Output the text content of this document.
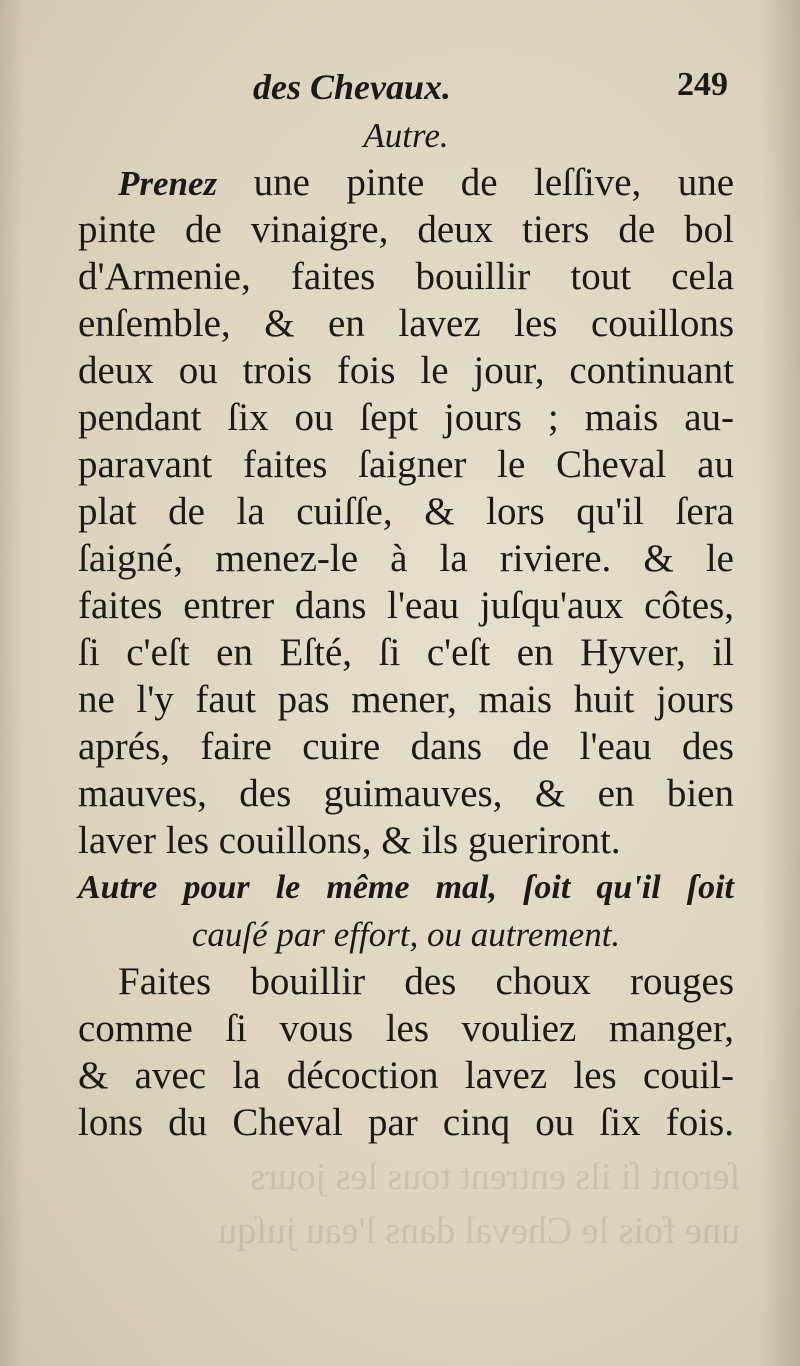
ſeront ſi ils entrent tous les jours
une fois le Cheval dans l'eau juſqu
des Chevaux.	249
Autre.
Prenez une pinte de leſſive, une
pinte de vinaigre, deux tiers de bol
d'Armenie, faites bouillir tout cela
enſemble, & en lavez les couillons
deux ou trois fois le jour, continuant
pendant ſix ou ſept jours ; mais au-
paravant faites ſaigner le Cheval au
plat de la cuiſſe, & lors qu'il ſera
ſaigné, menez-le à la riviere. & le
faites entrer dans l'eau juſqu'aux côtes,
ſi c'eſt en Eſté, ſi c'eſt en Hyver, il
ne l'y faut pas mener, mais huit jours
aprés, faire cuire dans de l'eau des
mauves, des guimauves, & en bien
laver les couillons, & ils gueriront.
Autre pour le même mal, ſoit qu'il ſoit
cauſé par effort, ou autrement.
Faites bouillir des choux rouges
comme ſi vous les vouliez manger,
& avec la décoction lavez les couil-
lons du Cheval par cinq ou ſix fois.
